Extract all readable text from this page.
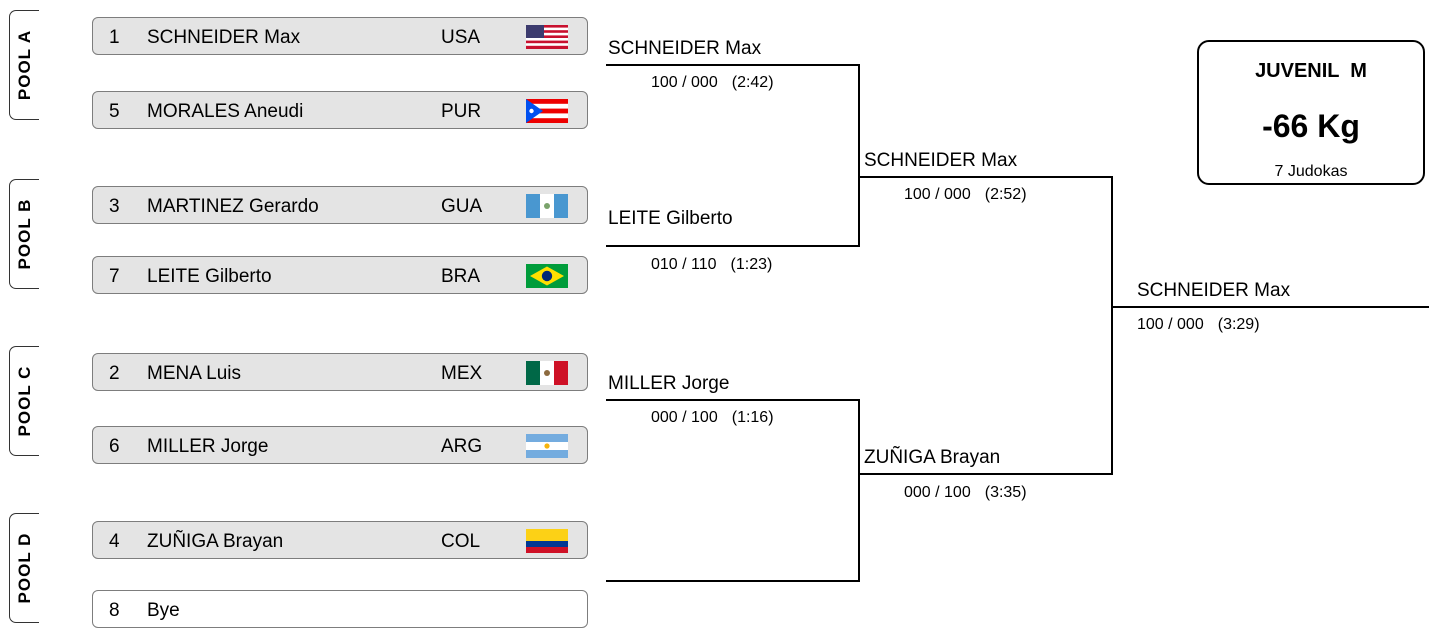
POOL A
POOL B
POOL C
POOL D
1 SCHNEIDER Max	USA
5 MORALES Aneudi	PUR
3 MARTINEZ Gerardo	GUA
7 LEITE Gilberto	BRA
2 MENA Luis	MEX
6 MILLER Jorge	ARG
4 ZUÑIGA Brayan	COL
8 Bye
SCHNEIDER Max
100 / 000 (2:42)
LEITE Gilberto
010 / 110 (1:23)
MILLER Jorge
000 / 100 (1:16)
SCHNEIDER Max
100 / 000 (2:52)
ZUÑIGA Brayan
000 / 100 (3:35)
SCHNEIDER Max
100 / 000 (3:29)
JUVENIL  M
-66 Kg
7 Judokas
